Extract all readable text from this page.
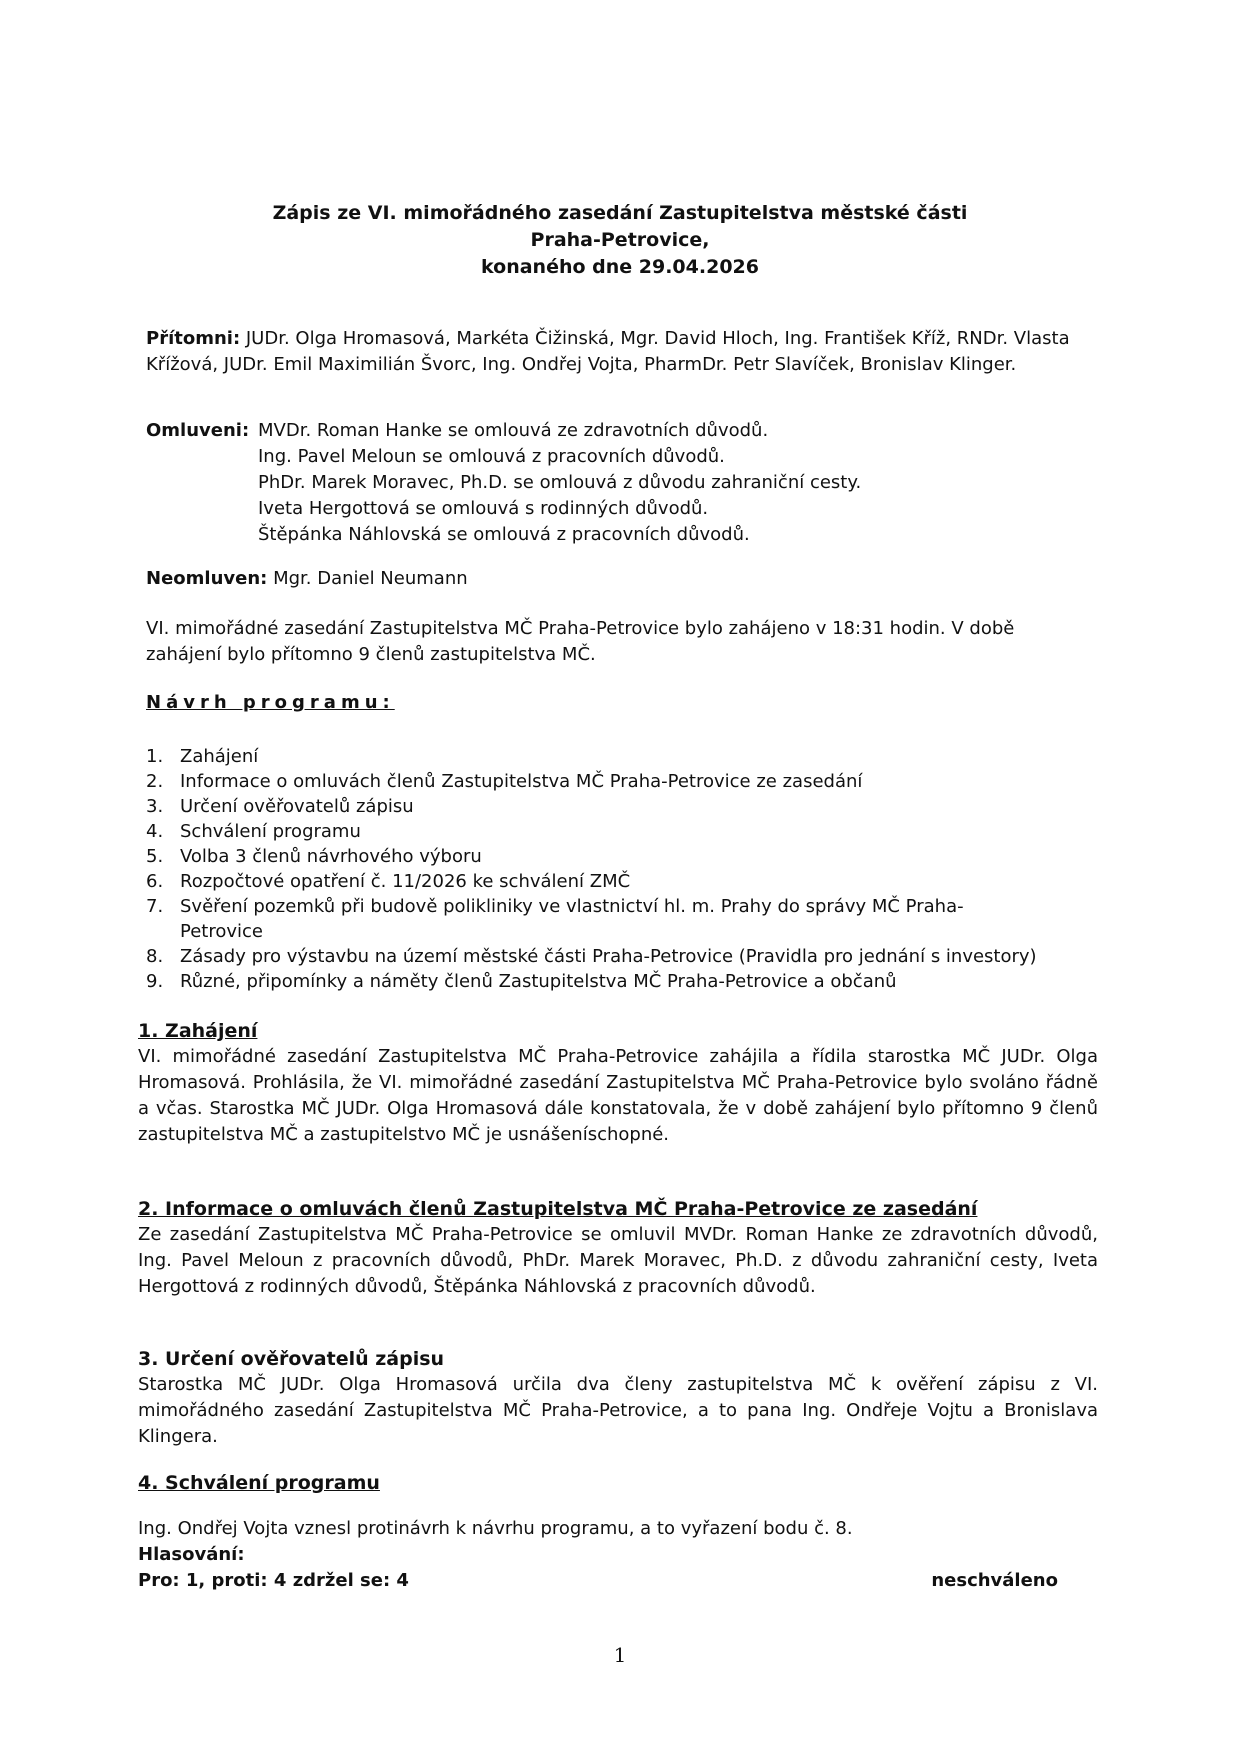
Zápis ze VI. mimořádného zasedání Zastupitelstva městské části
Praha-Petrovice,
konaného dne 29.04.2026
Přítomni: JUDr. Olga Hromasová, Markéta Čižinská, Mgr. David Hloch, Ing. František Kříž, RNDr. Vlasta
Křížová, JUDr. Emil Maximilián Švorc, Ing. Ondřej Vojta, PharmDr. Petr Slavíček, Bronislav Klinger.
Omluveni: MVDr. Roman Hanke se omlouvá ze zdravotních důvodů.
Ing. Pavel Meloun se omlouvá z pracovních důvodů.
PhDr. Marek Moravec, Ph.D. se omlouvá z důvodu zahraniční cesty.
Iveta Hergottová se omlouvá s rodinných důvodů.
Štěpánka Náhlovská se omlouvá z pracovních důvodů.
Neomluven: Mgr. Daniel Neumann
VI. mimořádné zasedání Zastupitelstva MČ Praha-Petrovice bylo zahájeno v 18:31 hodin. V době
zahájení bylo přítomno 9 členů zastupitelstva MČ.
Návrh programu:
1. Zahájení
2. Informace o omluvách členů Zastupitelstva MČ Praha-Petrovice ze zasedání
3. Určení ověřovatelů zápisu
4. Schválení programu
5. Volba 3 členů návrhového výboru
6. Rozpočtové opatření č. 11/2026 ke schválení ZMČ
7. Svěření pozemků při budově polikliniky ve vlastnictví hl. m. Prahy do správy MČ Praha-Petrovice
8. Zásady pro výstavbu na území městské části Praha-Petrovice (Pravidla pro jednání s investory)
9. Různé, připomínky a náměty členů Zastupitelstva MČ Praha-Petrovice a občanů
1. Zahájení
VI. mimořádné zasedání Zastupitelstva MČ Praha-Petrovice zahájila a řídila starostka MČ JUDr. Olga Hromasová. Prohlásila, že VI. mimořádné zasedání Zastupitelstva MČ Praha-Petrovice bylo svoláno řádně a včas. Starostka MČ JUDr. Olga Hromasová dále konstatovala, že v době zahájení bylo přítomno 9 členů zastupitelstva MČ a zastupitelstvo MČ je usnášeníschopné.
2. Informace o omluvách členů Zastupitelstva MČ Praha-Petrovice ze zasedání
Ze zasedání Zastupitelstva MČ Praha-Petrovice se omluvil MVDr. Roman Hanke ze zdravotních důvodů, Ing. Pavel Meloun z pracovních důvodů, PhDr. Marek Moravec, Ph.D. z důvodu zahraniční cesty, Iveta Hergottová z rodinných důvodů, Štěpánka Náhlovská z pracovních důvodů.
3. Určení ověřovatelů zápisu
Starostka MČ JUDr. Olga Hromasová určila dva členy zastupitelstva MČ k ověření zápisu z VI. mimořádného zasedání Zastupitelstva MČ Praha-Petrovice, a to pana Ing. Ondřeje Vojtu a Bronislava Klingera.
4. Schválení programu
Ing. Ondřej Vojta vznesl protinávrh k návrhu programu, a to vyřazení bodu č. 8.
Hlasování:
Pro: 1, proti: 4 zdržel se: 4	neschváleno
1
